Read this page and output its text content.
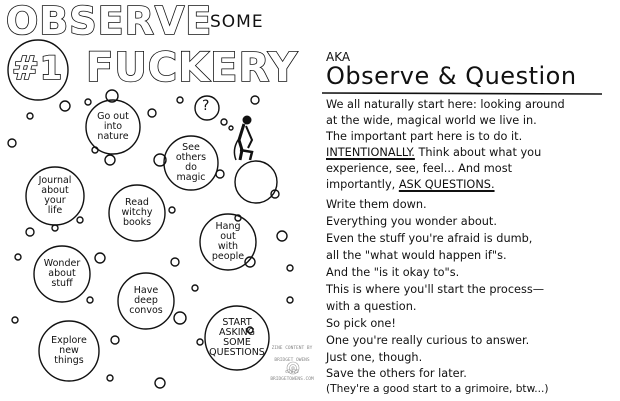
OBSERVE
SOME
#1 FUCKERY
?
Go out
into
nature
See
others
do
magic
Journal
about
your
life
Read
witchy
books	Hang
out
with
people
Wonder
about
stuff
Have
deep
convos
Explore
new
things
START
ASKING
SOME
QUESTIONS	ZINE CONTENT BY

BRIDGET OWENS

©2025

BRIDGETOWENS.COM
AKA
Observe & Question
We all naturally start here: looking around
at the wide, magical world we live in.
The important part here is to do it.
INTENTIONALLY. Think about what you
experience, see, feel... And most
importantly, ASK QUESTIONS.
Write them down.
Everything you wonder about.
Even the stuff you're afraid is dumb,
all the "what would happen if"s.
And the "is it okay to"s.
This is where you'll start the process—
with a question.
So pick one!
One you're really curious to answer.
Just one, though.
Save the others for later.
(They're a good start to a grimoire, btw...)
